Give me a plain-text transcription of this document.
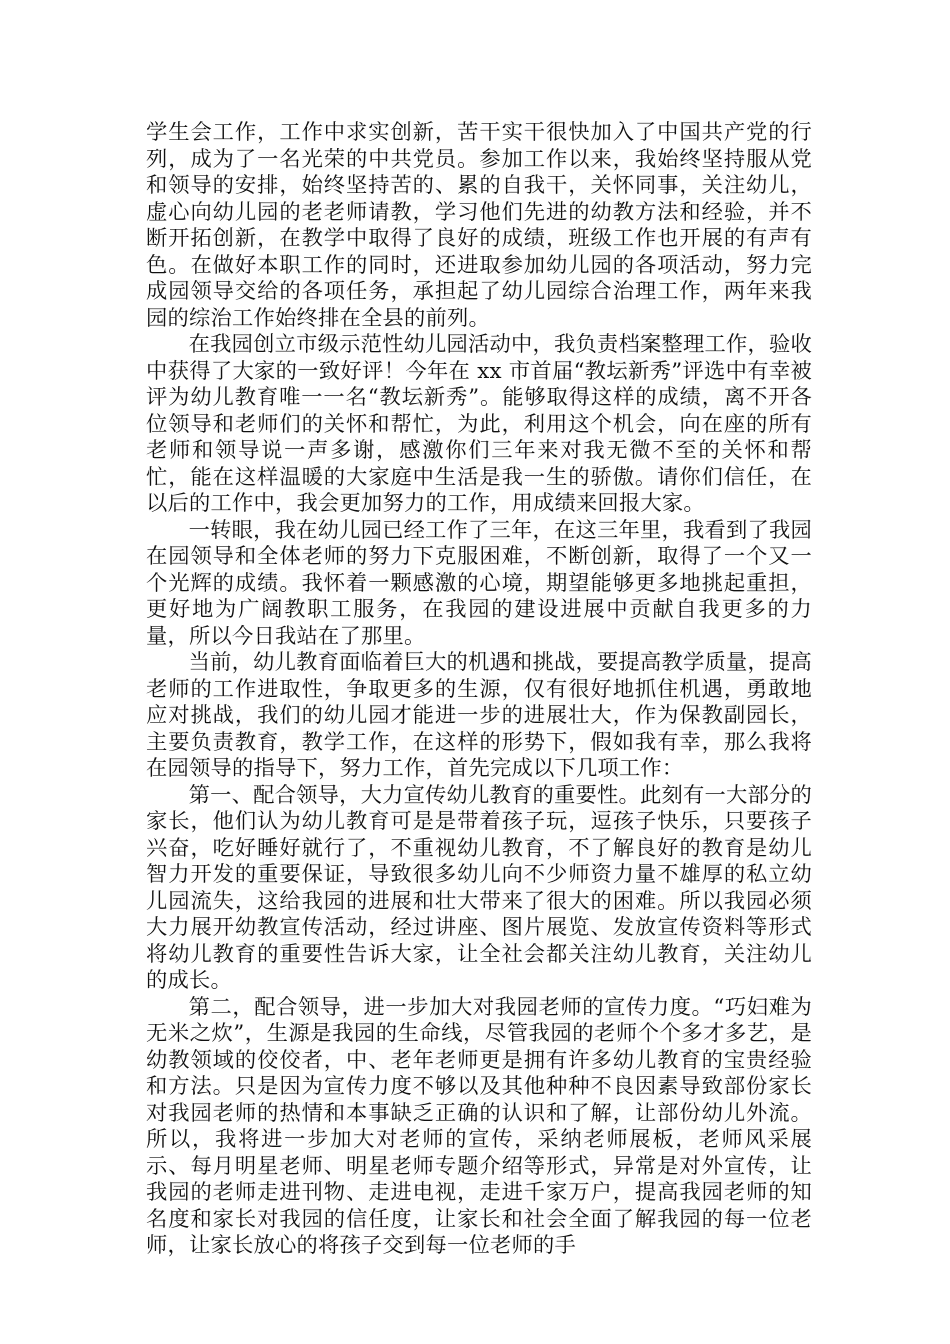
学生会工作，工作中求实创新，苦干实干很快加入了中国共产党的行列，成为了一名光荣的中共党员。参加工作以来，我始终坚持服从党和领导的安排，始终坚持苦的、累的自我干，关怀同事，关注幼儿，虚心向幼儿园的老老师请教，学习他们先进的幼教方法和经验，并不断开拓创新，在教学中取得了良好的成绩，班级工作也开展的有声有色。在做好本职工作的同时，还进取参加幼儿园的各项活动，努力完成园领导交给的各项任务，承担起了幼儿园综合治理工作，两年来我园的综治工作始终排在全县的前列。

在我园创立市级示范性幼儿园活动中，我负责档案整理工作，验收中获得了大家的一致好评！今年在 xx 市首届“教坛新秀”评选中有幸被评为幼儿教育唯一一名“教坛新秀”。能够取得这样的成绩，离不开各位领导和老师们的关怀和帮忙，为此，利用这个机会，向在座的所有老师和领导说一声多谢，感激你们三年来对我无微不至的关怀和帮忙，能在这样温暖的大家庭中生活是我一生的骄傲。请你们信任，在以后的工作中，我会更加努力的工作，用成绩来回报大家。

一转眼，我在幼儿园已经工作了三年，在这三年里，我看到了我园在园领导和全体老师的努力下克服困难，不断创新，取得了一个又一个光辉的成绩。我怀着一颗感激的心境，期望能够更多地挑起重担，更好地为广阔教职工服务，在我园的建设进展中贡献自我更多的力量，所以今日我站在了那里。

当前，幼儿教育面临着巨大的机遇和挑战，要提高教学质量，提高老师的工作进取性，争取更多的生源，仅有很好地抓住机遇，勇敢地应对挑战，我们的幼儿园才能进一步的进展壮大，作为保教副园长，主要负责教育，教学工作，在这样的形势下，假如我有幸，那么我将在园领导的指导下，努力工作，首先完成以下几项工作：

第一、配合领导，大力宣传幼儿教育的重要性。此刻有一大部分的家长，他们认为幼儿教育可是是带着孩子玩，逗孩子快乐，只要孩子兴奋，吃好睡好就行了，不重视幼儿教育，不了解良好的教育是幼儿智力开发的重要保证，导致很多幼儿向不少师资力量不雄厚的私立幼儿园流失，这给我园的进展和壮大带来了很大的困难。所以我园必须大力展开幼教宣传活动，经过讲座、图片展览、发放宣传资料等形式将幼儿教育的重要性告诉大家，让全社会都关注幼儿教育，关注幼儿的成长。

第二，配合领导，进一步加大对我园老师的宣传力度。“巧妇难为无米之炊”，生源是我园的生命线，尽管我园的老师个个多才多艺，是幼教领域的佼佼者，中、老年老师更是拥有许多幼儿教育的宝贵经验和方法。只是因为宣传力度不够以及其他种种不良因素导致部份家长对我园老师的热情和本事缺乏正确的认识和了解，让部份幼儿外流。所以，我将进一步加大对老师的宣传，采纳老师展板，老师风采展示、每月明星老师、明星老师专题介绍等形式，异常是对外宣传，让我园的老师走进刊物、走进电视，走进千家万户，提高我园老师的知名度和家长对我园的信任度，让家长和社会全面了解我园的每一位老师，让家长放心的将孩子交到每一位老师的手
